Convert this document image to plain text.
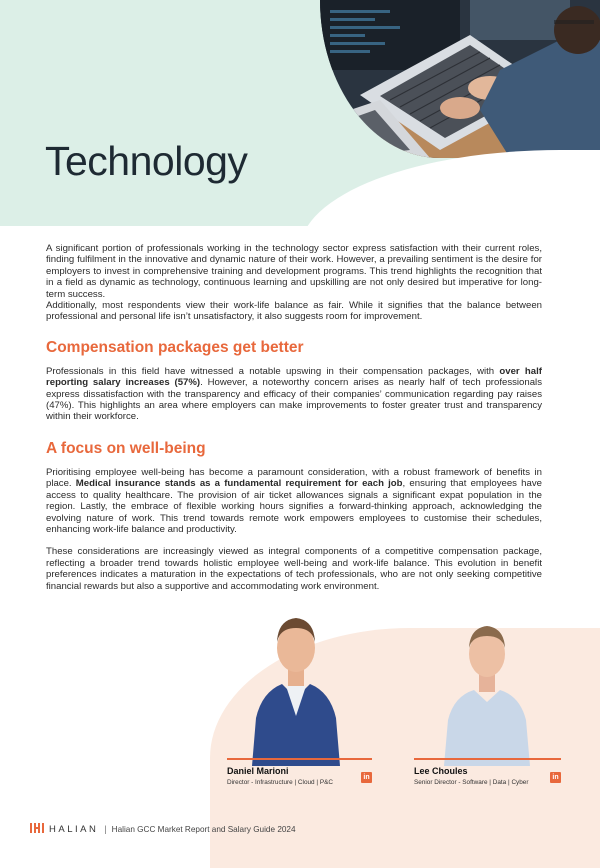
Technology

A significant portion of professionals working in the technology sector express satisfaction with their current roles, finding fulfilment in the innovative and dynamic nature of their work. However, a prevailing sentiment is the desire for employers to invest in comprehensive training and development programs. This trend highlights the recognition that in a field as dynamic as technology, continuous learning and upskilling are not only desired but imperative for long-term success.

Additionally, most respondents view their work-life balance as fair. While it signifies that the balance between professional and personal life isn’t unsatisfactory, it also suggests room for improvement.

Compensation packages get better

Professionals in this field have witnessed a notable upswing in their compensation packages, with over half reporting salary increases (57%). However, a noteworthy concern arises as nearly half of tech professionals express dissatisfaction with the transparency and efficacy of their companies’ communication regarding pay raises (47%). This highlights an area where employers can make improvements to foster greater trust and transparency within their workforce.

A focus on well-being

Prioritising employee well-being has become a paramount consideration, with a robust framework of benefits in place. Medical insurance stands as a fundamental requirement for each job, ensuring that employees have access to quality healthcare. The provision of air ticket allowances signals a significant expat population in the region. Lastly, the embrace of flexible working hours signifies a forward-thinking approach, acknowledging the evolving nature of work. This trend towards remote work empowers employees to customise their schedules, enhancing work-life balance and productivity.

These considerations are increasingly viewed as integral components of a competitive compensation package, reflecting a broader trend towards holistic employee well-being and work-life balance. This evolution in benefit preferences indicates a maturation in the expectations of tech professionals, who are not only seeking competitive financial rewards but also a supportive and accommodating work environment.

Daniel Marioni
Director - Infrastructure | Cloud | P&C
in
Lee Choules
Senior Director - Software | Data | Cyber
in
HALIAN | Halian GCC Market Report and Salary Guide 2024
